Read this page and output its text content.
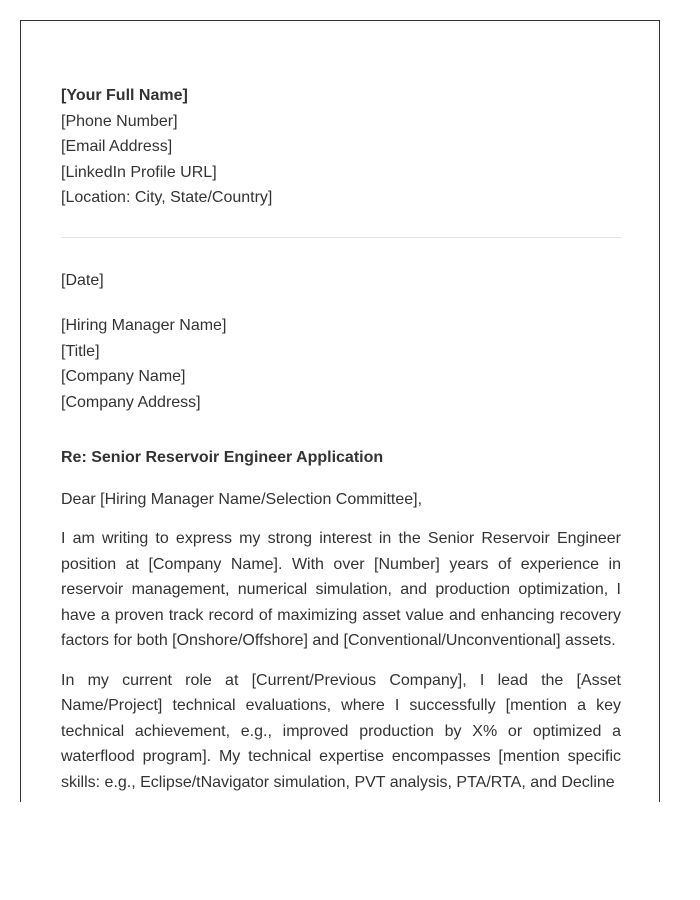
[Your Full Name]
[Phone Number]
[Email Address]
[LinkedIn Profile URL]
[Location: City, State/Country]
[Date]
[Hiring Manager Name]
[Title]
[Company Name]
[Company Address]
Re: Senior Reservoir Engineer Application
Dear [Hiring Manager Name/Selection Committee],

I am writing to express my strong interest in the Senior Reservoir Engineer position at [Company Name]. With over [Number] years of experience in reservoir management, numerical simulation, and production optimization, I have a proven track record of maximizing asset value and enhancing recovery factors for both [Onshore/Offshore] and [Conventional/Unconventional] assets.

In my current role at [Current/Previous Company], I lead the [Asset Name/Project] technical evaluations, where I successfully [mention a key technical achievement, e.g., improved production by X% or optimized a waterflood program]. My technical expertise encompasses [mention specific skills: e.g., Eclipse/tNavigator simulation, PVT analysis, PTA/RTA, and Decline
